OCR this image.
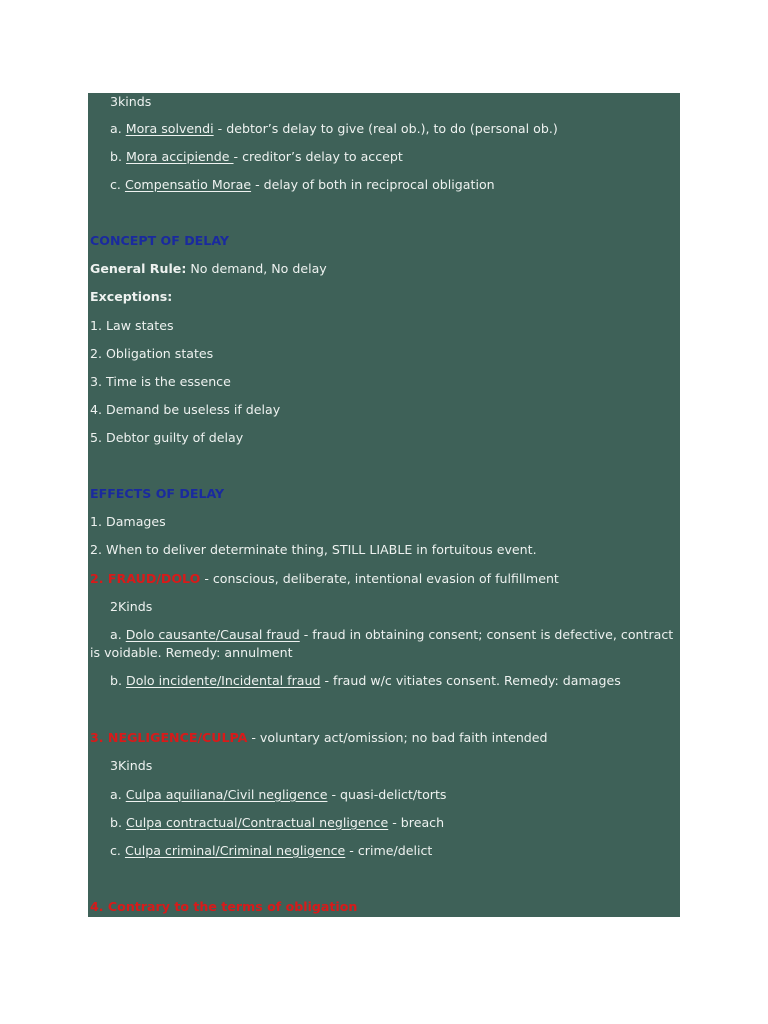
3kinds
a. Mora solvendi - debtor’s delay to give (real ob.), to do (personal ob.)
b. Mora accipiende - creditor’s delay to accept
c. Compensatio Morae - delay of both in reciprocal obligation
CONCEPT OF DELAY
General Rule: No demand, No delay
Exceptions:
1. Law states
2. Obligation states
3. Time is the essence
4. Demand be useless if delay
5. Debtor guilty of delay
EFFECTS OF DELAY
1. Damages
2. When to deliver determinate thing, STILL LIABLE in fortuitous event.
2. FRAUD/DOLO - conscious, deliberate, intentional evasion of fulfillment
2Kinds
a. Dolo causante/Causal fraud - fraud in obtaining consent; consent is defective, contract is voidable. Remedy: annulment
b. Dolo incidente/Incidental fraud - fraud w/c vitiates consent. Remedy: damages
3. NEGLIGENCE/CULPA - voluntary act/omission; no bad faith intended
3Kinds
a. Culpa aquiliana/Civil negligence - quasi-delict/torts
b. Culpa contractual/Contractual negligence - breach
c. Culpa criminal/Criminal negligence - crime/delict
4. Contrary to the terms of obligation
